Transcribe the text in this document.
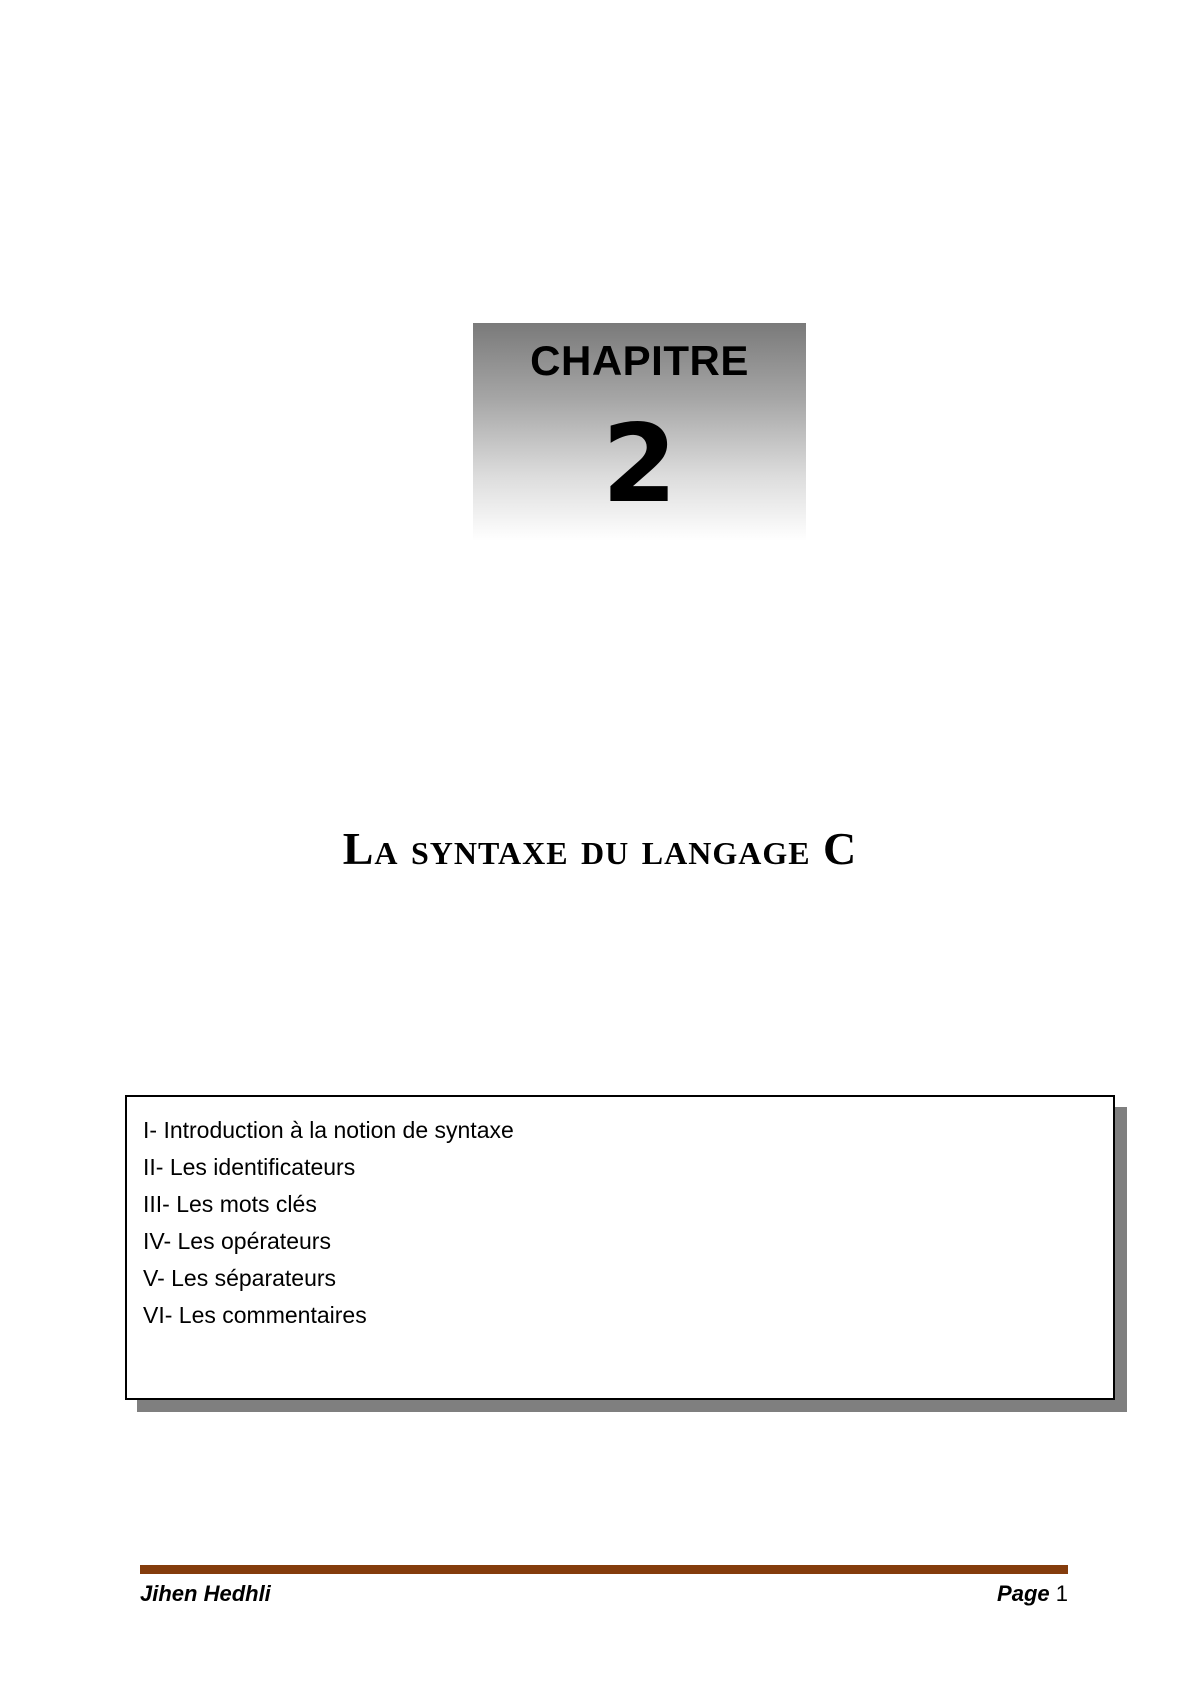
CHAPITRE
2
La syntaxe du langage C
I- Introduction à la notion de syntaxe
II- Les identificateurs
III- Les mots clés
IV- Les opérateurs
V- Les séparateurs
VI- Les commentaires
Jihen Hedhli	Page 1
